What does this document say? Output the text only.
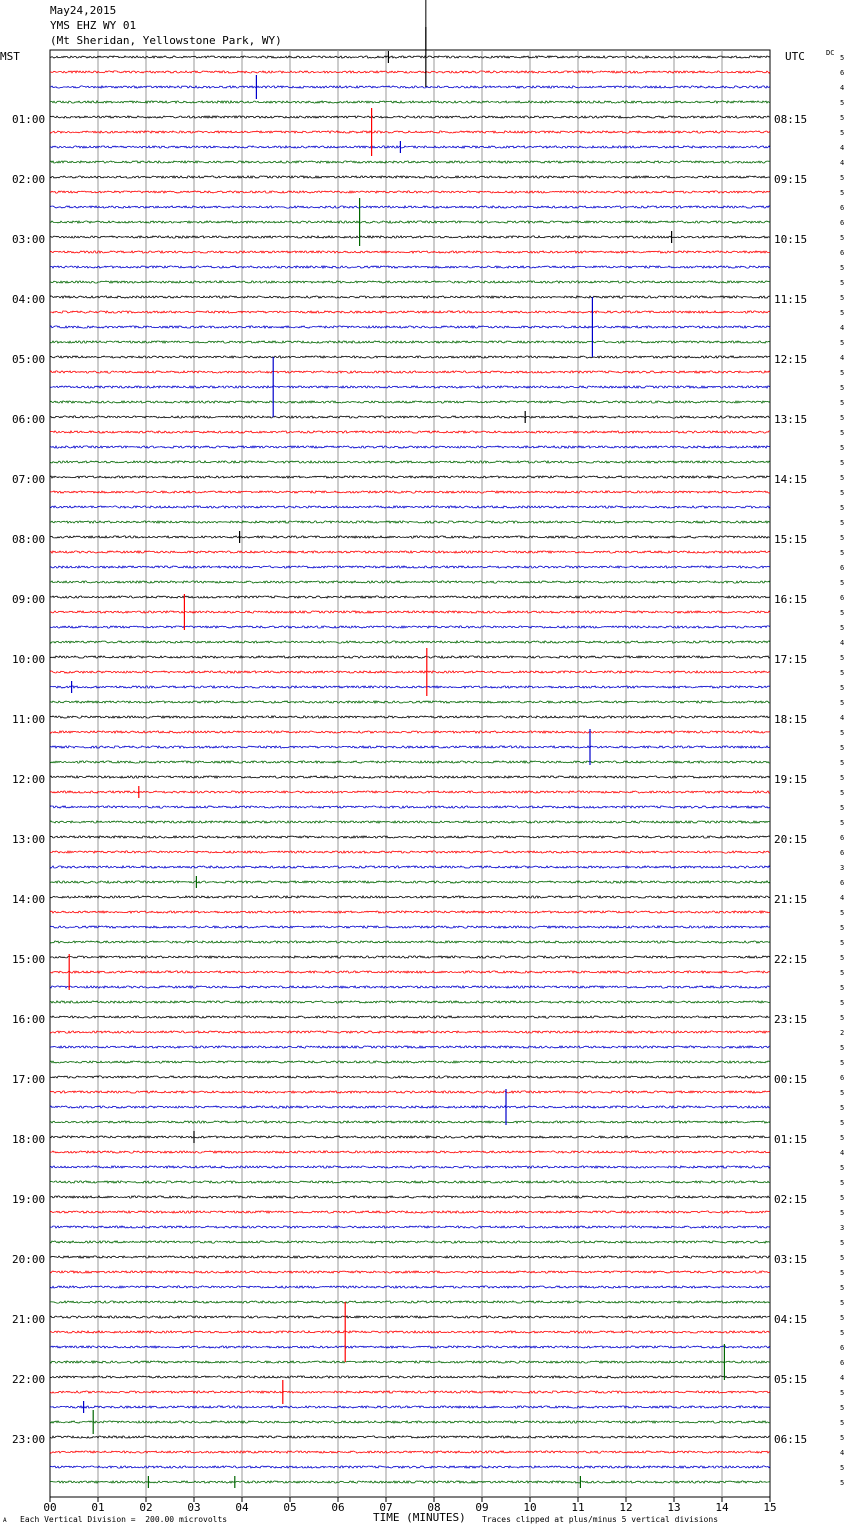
5
6
4
5
5
5
4
4
5
5
6
6
5
6
5
5
5
5
4
5
4
5
5
5
5
5
5
5
5
5
5
5
5
5
6
5
6
5
5
4
5
5
5
5
4
5
5
5
5
5
5
5
6
6
3
6
4
5
5
5
5
5
5
5
5
2
5
5
6
5
5
5
5
4
5
5
5
5
3
5
5
5
5
5
5
5
6
6
4
5
5
5
5
4
5
5
01:00
02:00
03:00
04:00
05:00
06:00
07:00
08:00
09:00
10:00
11:00
12:00
13:00
14:00
15:00
16:00
17:00
18:00
19:00
20:00
21:00
22:00
23:00
08:15
09:15
10:15
11:15
12:15
13:15
14:15
15:15
16:15
17:15
18:15
19:15
20:15
21:15
22:15
23:15
00:15
01:15
02:15
03:15
04:15
05:15
06:15
00	01	02	03	04	05	06	07	08	09	10	11	12	13	14	15
May24,2015
YMS EHZ WY 01
(Mt Sheridan, Yellowstone Park, WY)
MST	UTC	DC
A Each Vertical Division =  200.00 microvolts	TIME (MINUTES) Traces clipped at plus/minus 5 vertical divisions
